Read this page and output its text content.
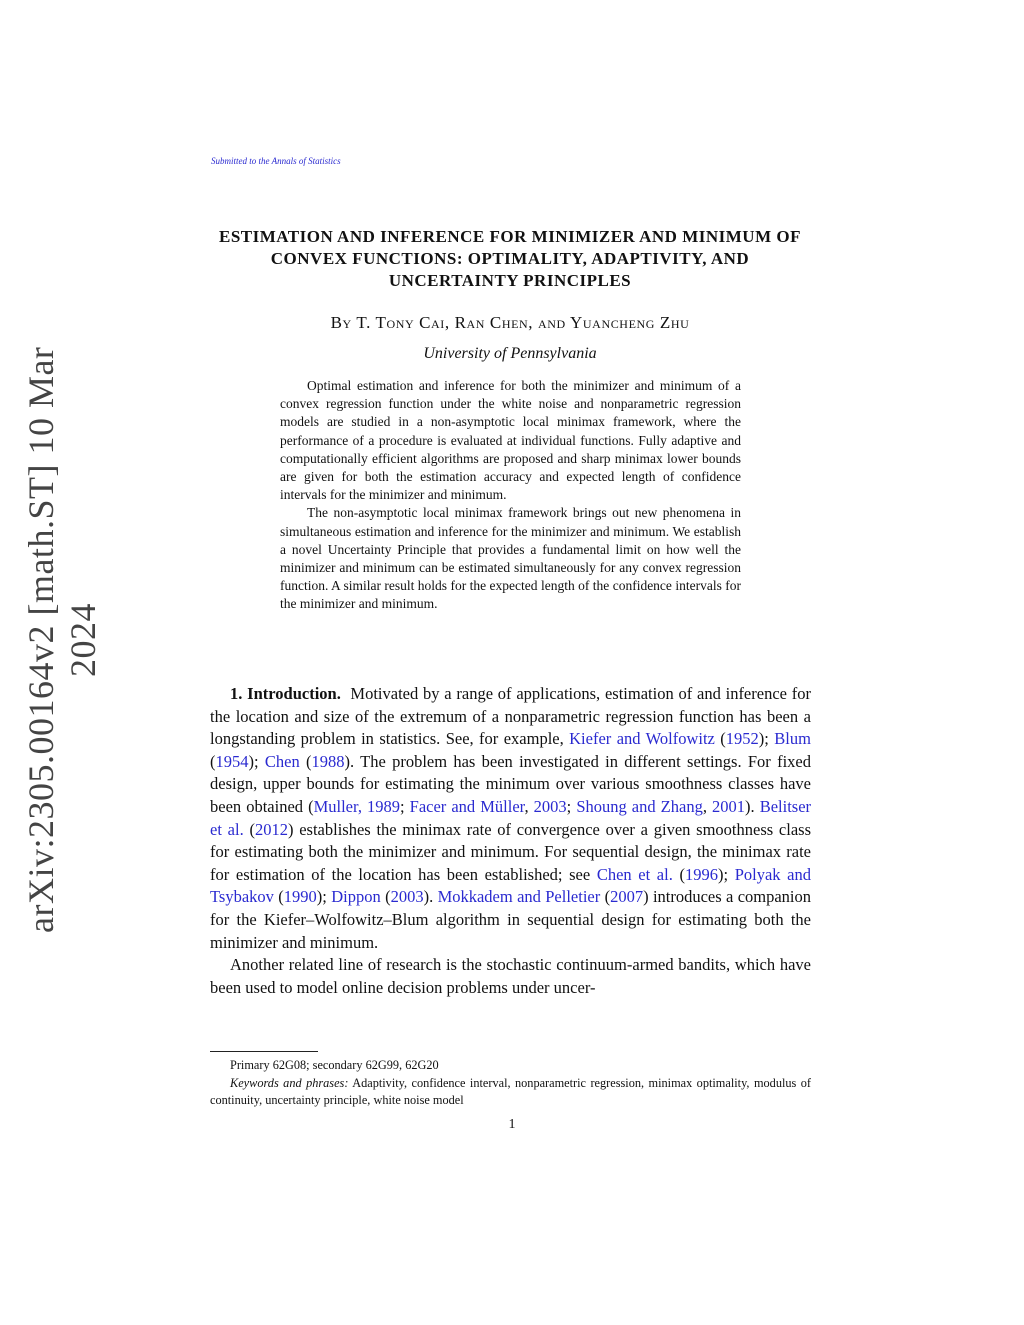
arXiv:2305.00164v2 [math.ST] 10 Mar 2024
Submitted to the Annals of Statistics
ESTIMATION AND INFERENCE FOR MINIMIZER AND MINIMUM OF CONVEX FUNCTIONS: OPTIMALITY, ADAPTIVITY, AND UNCERTAINTY PRINCIPLES
By T. Tony Cai, Ran Chen, and Yuancheng Zhu
University of Pennsylvania

Optimal estimation and inference for both the minimizer and minimum of a convex regression function under the white noise and nonparametric regression models are studied in a non-asymptotic local minimax framework, where the performance of a procedure is evaluated at individual functions. Fully adaptive and computationally efficient algorithms are proposed and sharp minimax lower bounds are given for both the estimation accuracy and expected length of confidence intervals for the minimizer and minimum.

The non-asymptotic local minimax framework brings out new phenomena in simultaneous estimation and inference for the minimizer and minimum. We establish a novel Uncertainty Principle that provides a fundamental limit on how well the minimizer and minimum can be estimated simultaneously for any convex regression function. A similar result holds for the expected length of the confidence intervals for the minimizer and minimum.

1. Introduction. Motivated by a range of applications, estimation of and inference for the location and size of the extremum of a nonparametric regression function has been a longstanding problem in statistics. See, for example, Kiefer and Wolfowitz (1952); Blum (1954); Chen (1988). The problem has been investigated in different settings. For fixed design, upper bounds for estimating the minimum over various smoothness classes have been obtained (Muller, 1989; Facer and Müller, 2003; Shoung and Zhang, 2001). Belitser et al. (2012) establishes the minimax rate of convergence over a given smoothness class for estimating both the minimizer and minimum. For sequential design, the minimax rate for estimation of the location has been established; see Chen et al. (1996); Polyak and Tsybakov (1990); Dippon (2003). Mokkadem and Pelletier (2007) introduces a companion for the Kiefer–Wolfowitz–Blum algorithm in sequential design for estimating both the minimizer and minimum.

Another related line of research is the stochastic continuum-armed bandits, which have been used to model online decision problems under uncer-

Primary 62G08; secondary 62G99, 62G20

Keywords and phrases: Adaptivity, confidence interval, nonparametric regression, minimax optimality, modulus of continuity, uncertainty principle, white noise model

1
